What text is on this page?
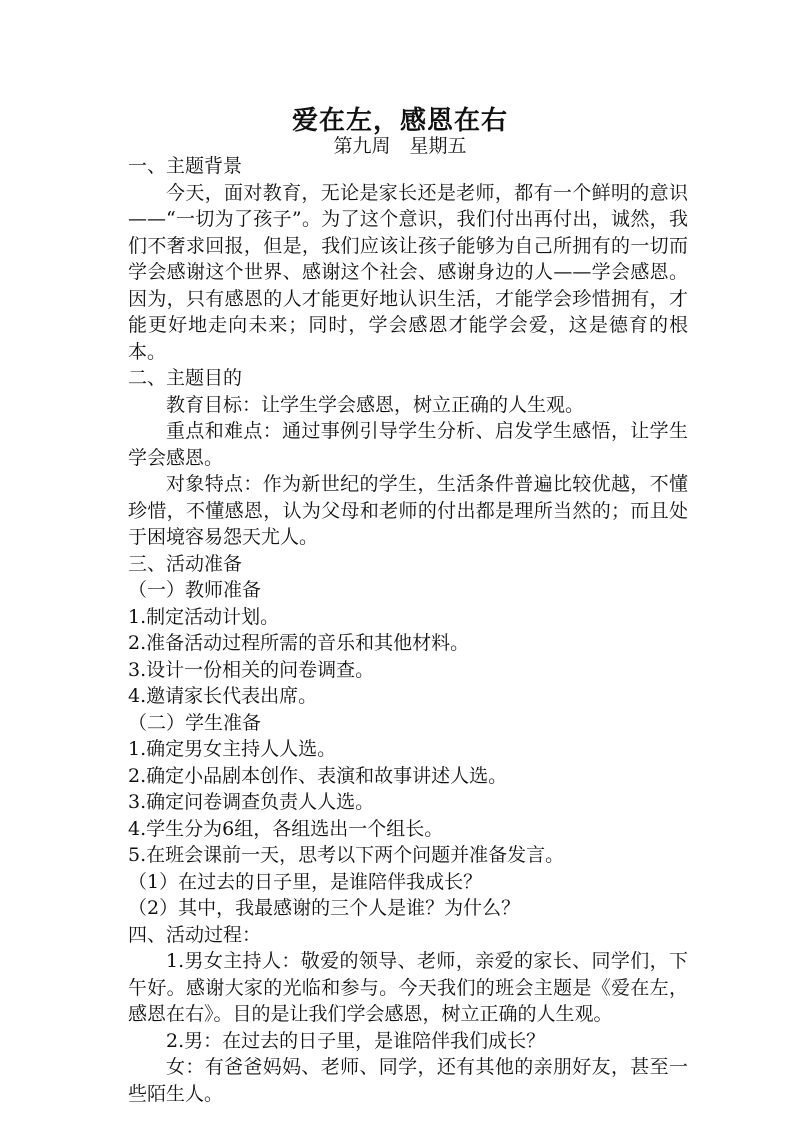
爱在左，感恩在右
第九周　星期五

一、主题背景

今天，面对教育，无论是家长还是老师，都有一个鲜明的意识——“一切为了孩子”。为了这个意识，我们付出再付出，诚然，我们不奢求回报，但是，我们应该让孩子能够为自己所拥有的一切而学会感谢这个世界、感谢这个社会、感谢身边的人——学会感恩。因为，只有感恩的人才能更好地认识生活，才能学会珍惜拥有，才能更好地走向未来；同时，学会感恩才能学会爱，这是德育的根本。

二、主题目的

教育目标：让学生学会感恩，树立正确的人生观。

重点和难点：通过事例引导学生分析、启发学生感悟，让学生学会感恩。

对象特点：作为新世纪的学生，生活条件普遍比较优越，不懂珍惜，不懂感恩，认为父母和老师的付出都是理所当然的；而且处于困境容易怨天尤人。

三、活动准备

（一）教师准备

1.制定活动计划。

2.准备活动过程所需的音乐和其他材料。

3.设计一份相关的问卷调查。

4.邀请家长代表出席。

（二）学生准备

1.确定男女主持人人选。

2.确定小品剧本创作、表演和故事讲述人选。

3.确定问卷调查负责人人选。

4.学生分为6组，各组选出一个组长。

5.在班会课前一天，思考以下两个问题并准备发言。

（1）在过去的日子里，是谁陪伴我成长？

（2）其中，我最感谢的三个人是谁？为什么？

四、活动过程：

1.男女主持人：敬爱的领导、老师，亲爱的家长、同学们，下午好。感谢大家的光临和参与。今天我们的班会主题是《爱在左，感恩在右》。目的是让我们学会感恩，树立正确的人生观。

2.男：在过去的日子里，是谁陪伴我们成长？

女：有爸爸妈妈、老师、同学，还有其他的亲朋好友，甚至一些陌生人。
